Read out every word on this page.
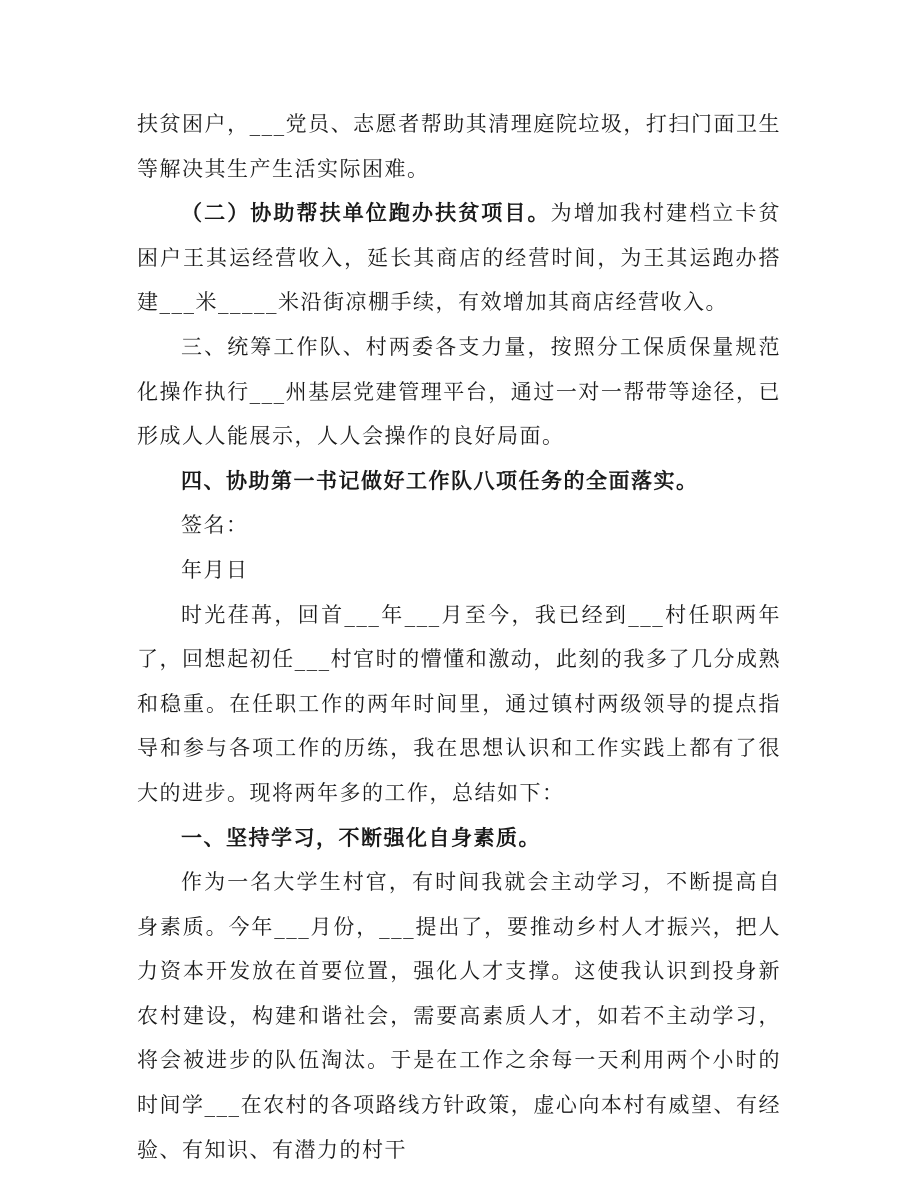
扶贫困户，___党员、志愿者帮助其清理庭院垃圾，打扫门面卫生等解决其生产生活实际困难。

（二）协助帮扶单位跑办扶贫项目。为增加我村建档立卡贫困户王其运经营收入，延长其商店的经营时间，为王其运跑办搭建___米_____米沿街凉棚手续，有效增加其商店经营收入。

三、统筹工作队、村两委各支力量，按照分工保质保量规范化操作执行___州基层党建管理平台，通过一对一帮带等途径，已形成人人能展示，人人会操作的良好局面。

四、协助第一书记做好工作队八项任务的全面落实。

签名：

年月日

时光荏苒，回首___年___月至今，我已经到___村任职两年了，回想起初任___村官时的懵懂和激动，此刻的我多了几分成熟和稳重。在任职工作的两年时间里，通过镇村两级领导的提点指导和参与各项工作的历练，我在思想认识和工作实践上都有了很大的进步。现将两年多的工作，总结如下：

一、坚持学习，不断强化自身素质。

作为一名大学生村官，有时间我就会主动学习，不断提高自身素质。今年___月份，___提出了，要推动乡村人才振兴，把人力资本开发放在首要位置，强化人才支撑。这使我认识到投身新农村建设，构建和谐社会，需要高素质人才，如若不主动学习，将会被进步的队伍淘汰。于是在工作之余每一天利用两个小时的时间学___在农村的各项路线方针政策，虚心向本村有威望、有经验、有知识、有潜力的村干
